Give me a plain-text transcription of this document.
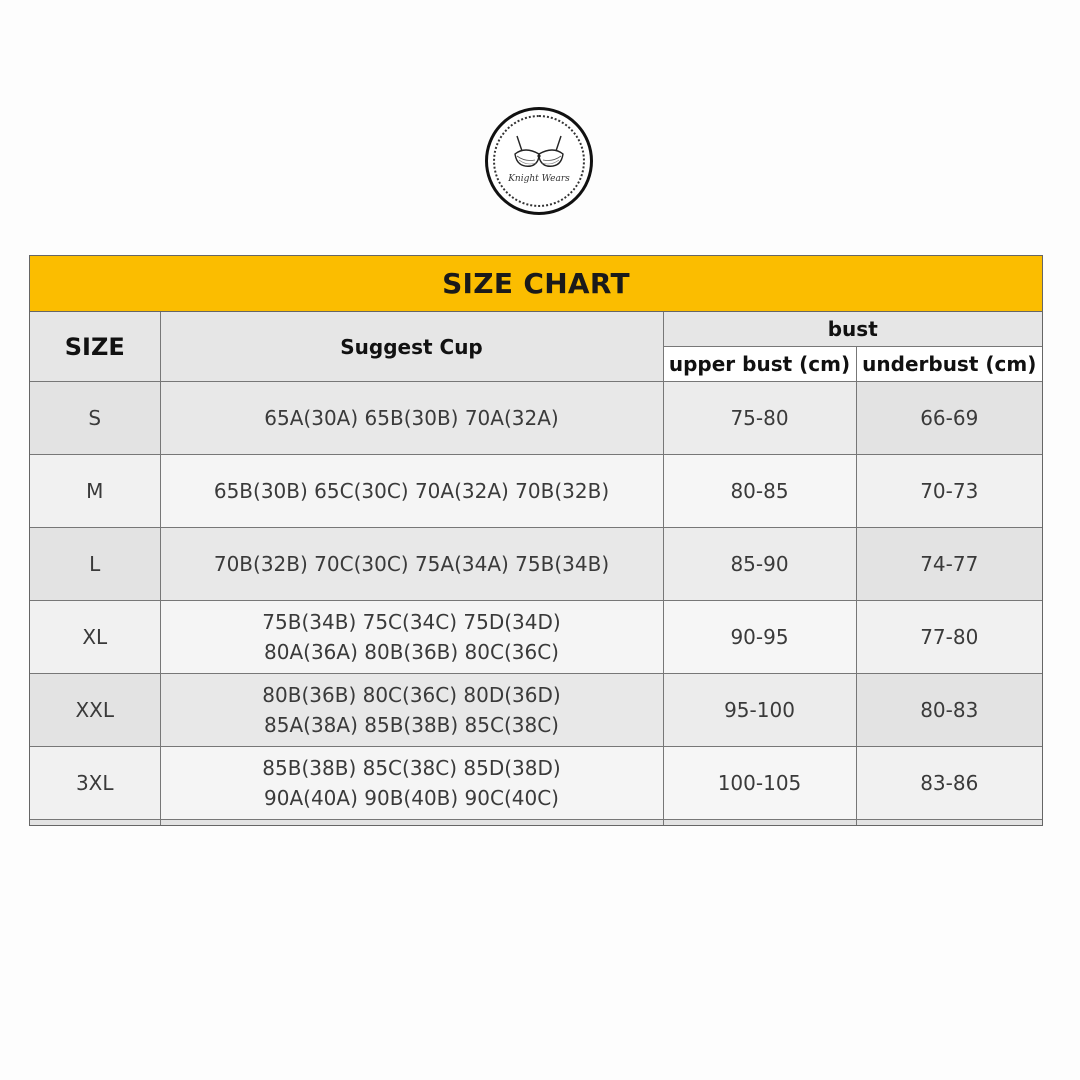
Knight Wears
SIZE CHART
SIZE	Suggest Cup	bust	
		upper bust (cm)	underbust (cm)
S	65A(30A) 65B(30B) 70A(32A)	75-80	66-69
M	65B(30B) 65C(30C) 70A(32A) 70B(32B)	80-85	70-73
L	70B(32B) 70C(30C) 75A(34A) 75B(34B)	85-90	74-77
XL	75B(34B) 75C(34C) 75D(34D)
80A(36A) 80B(36B) 80C(36C)	90-95	77-80
XXL	80B(36B) 80C(36C) 80D(36D)
85A(38A) 85B(38B) 85C(38C)	95-100	80-83
3XL	85B(38B) 85C(38C) 85D(38D)
90A(40A) 90B(40B) 90C(40C)	100-105	83-86
